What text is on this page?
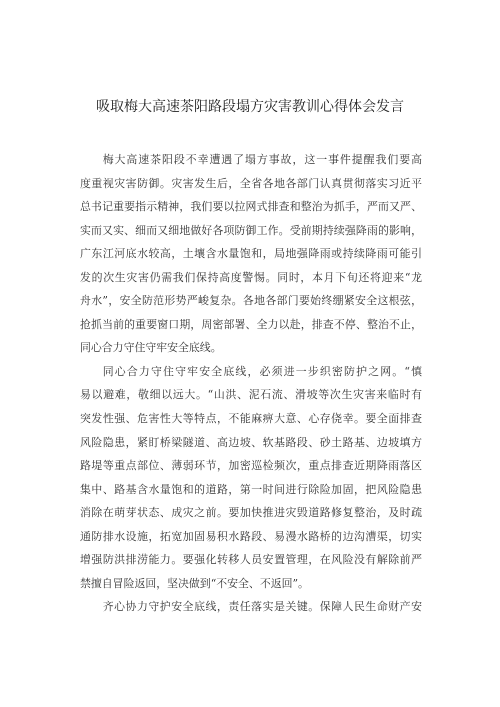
吸取梅大高速茶阳路段塌方灾害教训心得体会发言
梅大高速茶阳段不幸遭遇了塌方事故，这一事件提醒我们要高
度重视灾害防御。灾害发生后，全省各地各部门认真贯彻落实习近平
总书记重要指示精神，我们要以拉网式排查和整治为抓手，严而又严、
实而又实、细而又细地做好各项防御工作。受前期持续强降雨的影响，
广东江河底水较高，土壤含水量饱和，局地强降雨或持续降雨可能引
发的次生灾害仍需我们保持高度警惕。同时，本月下旬还将迎来“龙
舟水”，安全防范形势严峻复杂。各地各部门要始终绷紧安全这根弦，
抢抓当前的重要窗口期，周密部署、全力以赴，排查不停、整治不止，
同心合力守住守牢安全底线。
同心合力守住守牢安全底线，必须进一步织密防护之网。“慎
易以避难，敬细以远大。“山洪、泥石流、滑坡等次生灾害来临时有
突发性强、危害性大等特点，不能麻痹大意、心存侥幸。要全面排查
风险隐患，紧盯桥梁隧道、高边坡、软基路段、砂土路基、边坡填方
路堤等重点部位、薄弱环节，加密巡检频次，重点排查近期降雨落区
集中、路基含水量饱和的道路，第一时间进行除险加固，把风险隐患
消除在萌芽状态、成灾之前。要加快推进灾毁道路修复整治，及时疏
通防排水设施，拓宽加固易积水路段、易漫水路桥的边沟漕渠，切实
增强防洪排涝能力。要强化转移人员安置管理，在风险没有解除前严
禁擅自冒险返回，坚决做到“不安全、不返回”。
齐心协力守护安全底线，责任落实是关键。保障人民生命财产安
